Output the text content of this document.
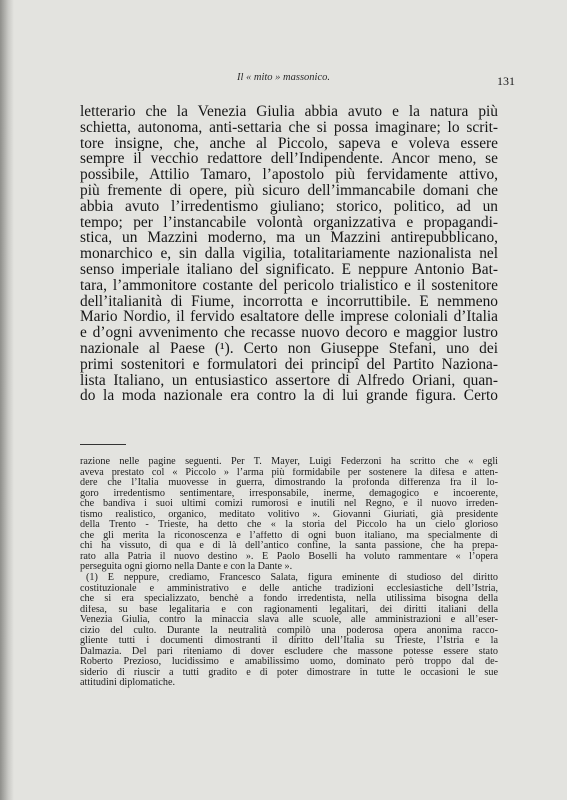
Il « mito » massonico.	131
letterario che la Venezia Giulia abbia avuto e la natura più
schietta, autonoma, anti-settaria che si possa imaginare; lo scrit-
tore insigne, che, anche al Piccolo, sapeva e voleva essere
sempre il vecchio redattore dell’Indipendente. Ancor meno, se
possibile, Attilio Tamaro, l’apostolo più fervidamente attivo,
più fremente di opere, più sicuro dell’immancabile domani che
abbia avuto l’irredentismo giuliano; storico, politico, ad un
tempo; per l’instancabile volontà organizzativa e propagandi-
stica, un Mazzini moderno, ma un Mazzini antirepubblicano,
monarchico e, sin dalla vigilia, totalitariamente nazionalista nel
senso imperiale italiano del significato. E neppure Antonio Bat-
tara, l’ammonitore costante del pericolo trialistico e il sostenitore
dell’italianità di Fiume, incorrotta e incorruttibile. E nemmeno
Mario Nordio, il fervido esaltatore delle imprese coloniali d’Italia
e d’ogni avvenimento che recasse nuovo decoro e maggior lustro
nazionale al Paese (¹). Certo non Giuseppe Stefani, uno dei
primi sostenitori e formulatori dei principî del Partito Naziona-
lista Italiano, un entusiastico assertore di Alfredo Oriani, quan-
do la moda nazionale era contro la di lui grande figura. Certo
razione nelle pagine seguenti. Per T. Mayer, Luigi Federzoni ha scritto che « egli
aveva prestato col « Piccolo » l’arma più formidabile per sostenere la difesa e atten-
dere che l’Italia muovesse in guerra, dimostrando la profonda differenza fra il lo-
goro irredentismo sentimentare, irresponsabile, inerme, demagogico e incoerente,
che bandiva i suoi ultimi comizi rumorosi e inutili nel Regno, e il nuovo irreden-
tismo realistico, organico, meditato volitivo ». Giovanni Giuriati, già presidente
della Trento - Trieste, ha detto che « la storia del Piccolo ha un cielo glorioso
che gli merita la riconoscenza e l’affetto di ogni buon italiano, ma specialmente di
chi ha vissuto, di qua e di là dell’antico confine, la santa passione, che ha prepa-
rato alla Patria il nuovo destino ». E Paolo Boselli ha voluto rammentare « l’opera
perseguita ogni giorno nella Dante e con la Dante ».
(1) E neppure, crediamo, Francesco Salata, figura eminente di studioso del diritto
costituzionale e amministrativo e delle antiche tradizioni ecclesiastiche dell’Istria,
che si era specializzato, benchè a fondo irredentista, nella utilissima bisogna della
difesa, su base legalitaria e con ragionamenti legalitari, dei diritti italiani della
Venezia Giulia, contro la minaccia slava alle scuole, alle amministrazioni e all’eser-
cizio del culto. Durante la neutralità compilò una poderosa opera anonima racco-
gliente tutti i documenti dimostranti il diritto dell’Italia su Trieste, l’Istria e la
Dalmazia. Del pari riteniamo di dover escludere che massone potesse essere stato
Roberto Prezioso, lucidissimo e amabilissimo uomo, dominato però troppo dal de-
siderio di riuscir a tutti gradito e di poter dimostrare in tutte le occasioni le sue
attitudini diplomatiche.
